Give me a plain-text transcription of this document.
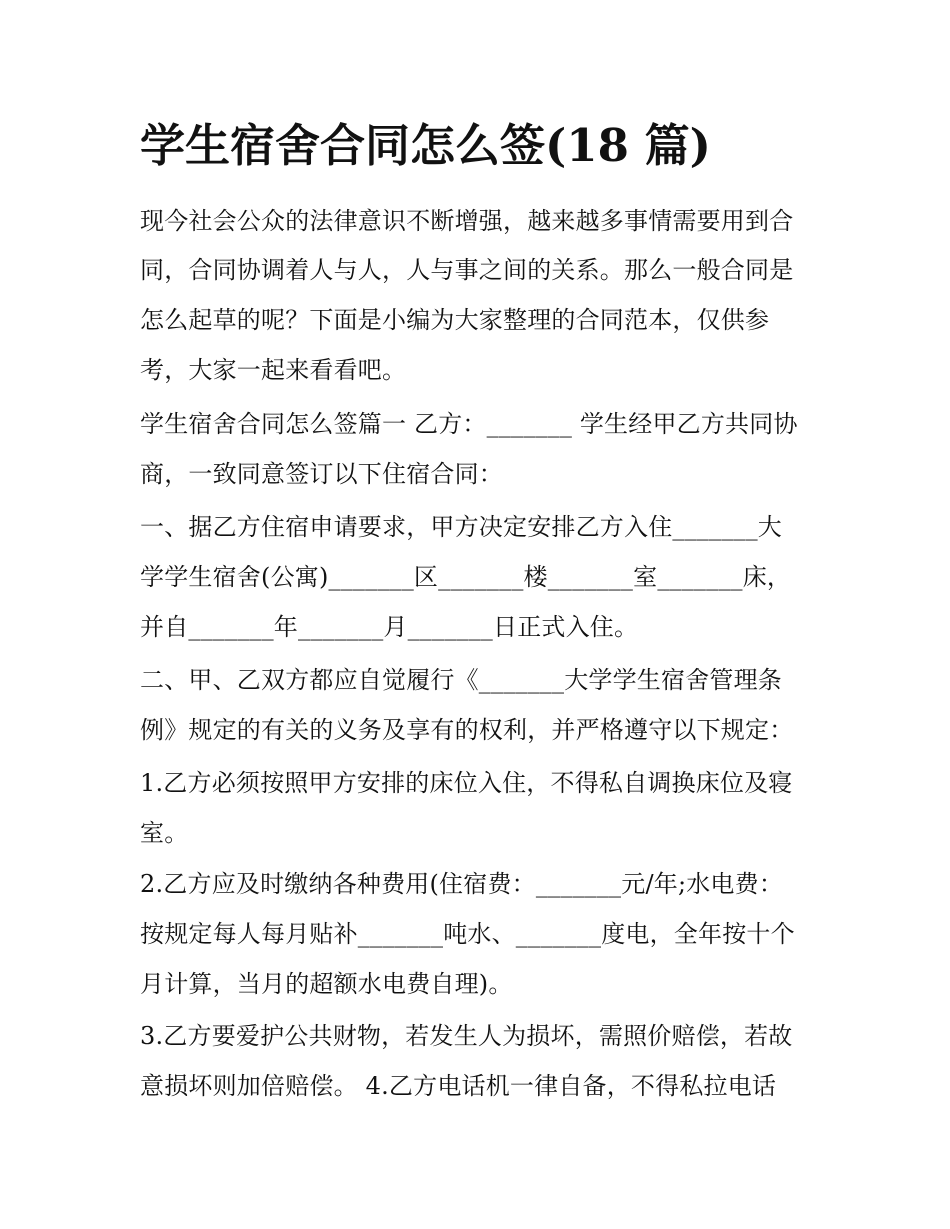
学生宿舍合同怎么签(18 篇)

现今社会公众的法律意识不断增强，越来越多事情需要用到合

同，合同协调着人与人，人与事之间的关系。那么一般合同是

怎么起草的呢？下面是小编为大家整理的合同范本，仅供参

考，大家一起来看看吧。

学生宿舍合同怎么签篇一 乙方：_______ 学生经甲乙方共同协

商，一致同意签订以下住宿合同：

一、据乙方住宿申请要求，甲方决定安排乙方入住_______大

学学生宿舍(公寓)_______区_______楼_______室_______床，

并自_______年_______月_______日正式入住。

二、甲、乙双方都应自觉履行《_______大学学生宿舍管理条

例》规定的有关的义务及享有的权利，并严格遵守以下规定：

1.乙方必须按照甲方安排的床位入住，不得私自调换床位及寝

室。

2.乙方应及时缴纳各种费用(住宿费：_______元/年;水电费：

按规定每人每月贴补_______吨水、_______度电，全年按十个

月计算，当月的超额水电费自理)。

3.乙方要爱护公共财物，若发生人为损坏，需照价赔偿，若故

意损坏则加倍赔偿。 4.乙方电话机一律自备，不得私拉电话
